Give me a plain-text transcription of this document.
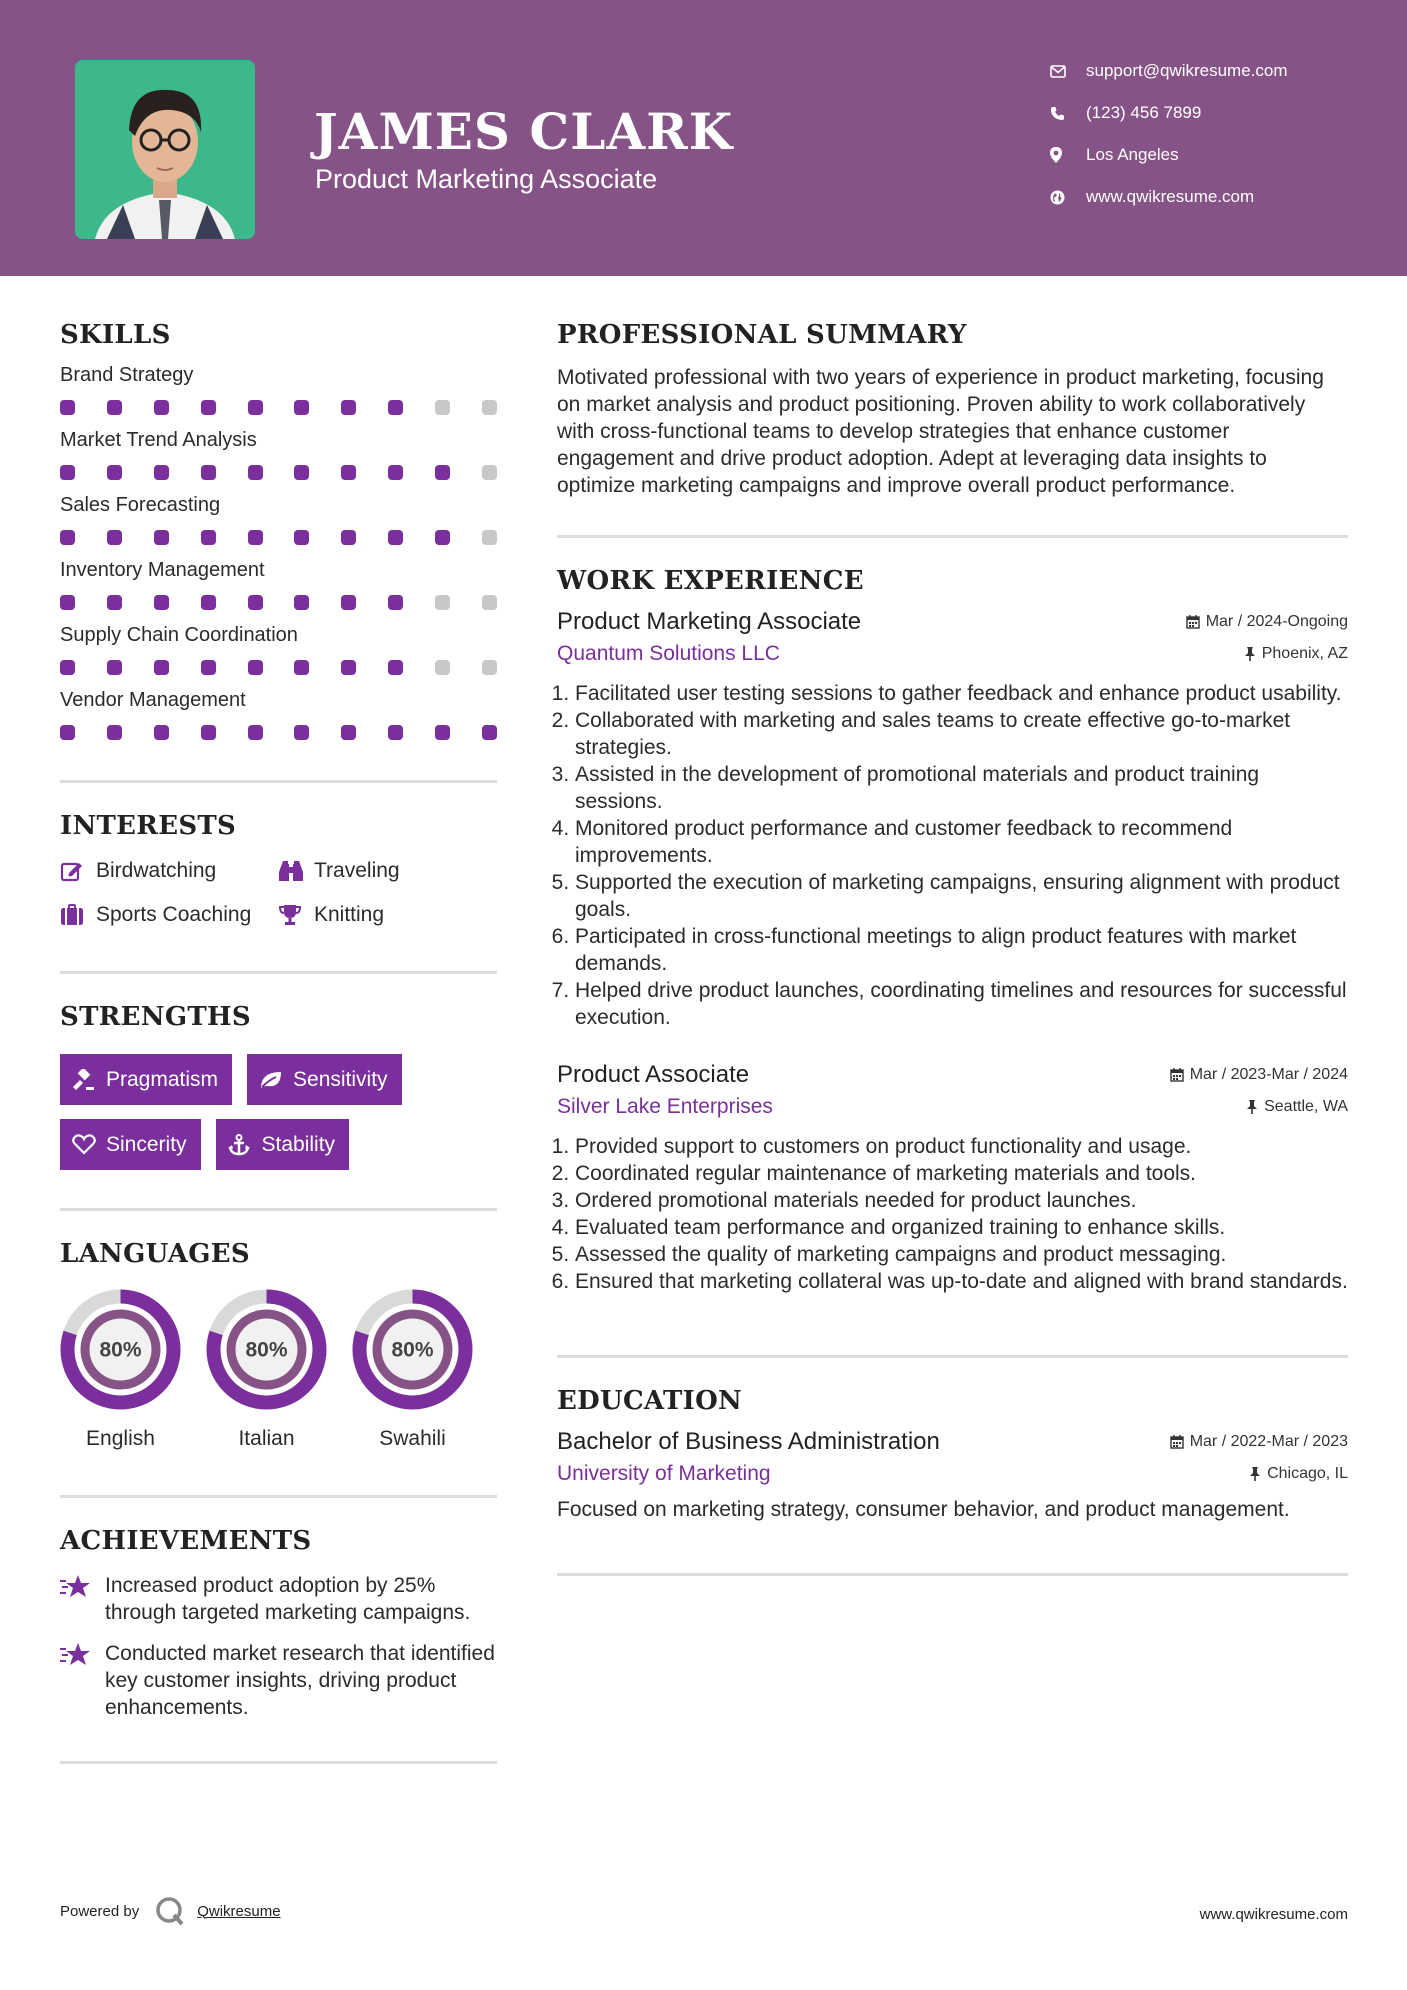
JAMES CLARK
Product Marketing Associate
support@qwikresume.com
(123) 456 7899
Los Angeles
www.qwikresume.com
SKILLS
Brand Strategy
Market Trend Analysis
Sales Forecasting
Inventory Management
Supply Chain Coordination
Vendor Management
INTERESTS
Birdwatching	Traveling
Sports Coaching	Knitting
STRENGTHS
Pragmatism	Sensitivity
Sincerity	Stability
LANGUAGES
80%
English
80%
Italian
80%
Swahili
ACHIEVEMENTS
Increased product adoption by 25% through targeted marketing campaigns.
Conducted market research that identified key customer insights, driving product enhancements.
PROFESSIONAL SUMMARY
Motivated professional with two years of experience in product marketing, focusing on market analysis and product positioning. Proven ability to work collaboratively with cross-functional teams to develop strategies that enhance customer engagement and drive product adoption. Adept at leveraging data insights to optimize marketing campaigns and improve overall product performance.
WORK EXPERIENCE
Product Marketing Associate	Mar / 2024-Ongoing
Quantum Solutions LLC	Phoenix, AZ
1. Facilitated user testing sessions to gather feedback and enhance product usability.
2. Collaborated with marketing and sales teams to create effective go-to-market strategies.
3. Assisted in the development of promotional materials and product training sessions.
4. Monitored product performance and customer feedback to recommend improvements.
5. Supported the execution of marketing campaigns, ensuring alignment with product goals.
6. Participated in cross-functional meetings to align product features with market demands.
7. Helped drive product launches, coordinating timelines and resources for successful execution.
Product Associate	Mar / 2023-Mar / 2024
Silver Lake Enterprises	Seattle, WA
1. Provided support to customers on product functionality and usage.
2. Coordinated regular maintenance of marketing materials and tools.
3. Ordered promotional materials needed for product launches.
4. Evaluated team performance and organized training to enhance skills.
5. Assessed the quality of marketing campaigns and product messaging.
6. Ensured that marketing collateral was up-to-date and aligned with brand standards.
EDUCATION
Bachelor of Business Administration	Mar / 2022-Mar / 2023
University of Marketing	Chicago, IL
Focused on marketing strategy, consumer behavior, and product management.
Powered by	Qwikresume	www.qwikresume.com
